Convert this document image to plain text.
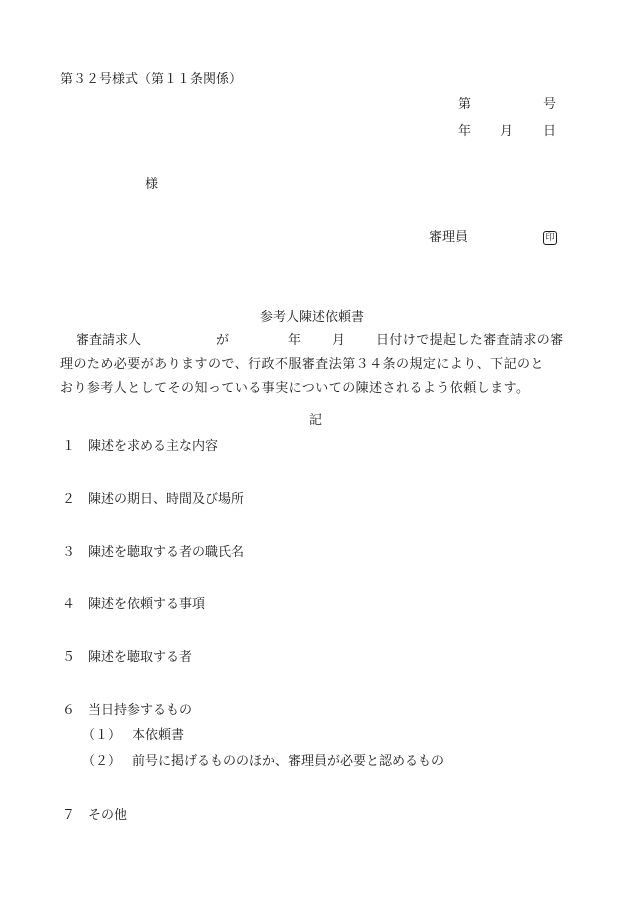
第３２号様式（第１１条関係）
第	号
年 月 日
様
審理員	印
参考人陳述依頼書
審査請求人	が	年 月 日付けで提起した審査請求の審
理のため必要がありますので、行政不服審査法第３４条の規定により、下記のと
おり参考人としてその知っている事実についての陳述されるよう依頼します。
記
１ 陳述を求める主な内容
２ 陳述の期日、時間及び場所
３ 陳述を聴取する者の職氏名
４ 陳述を依頼する事項
５ 陳述を聴取する者
６ 当日持参するもの
（１） 本依頼書
（２） 前号に掲げるもののほか、審理員が必要と認めるもの
７ その他
